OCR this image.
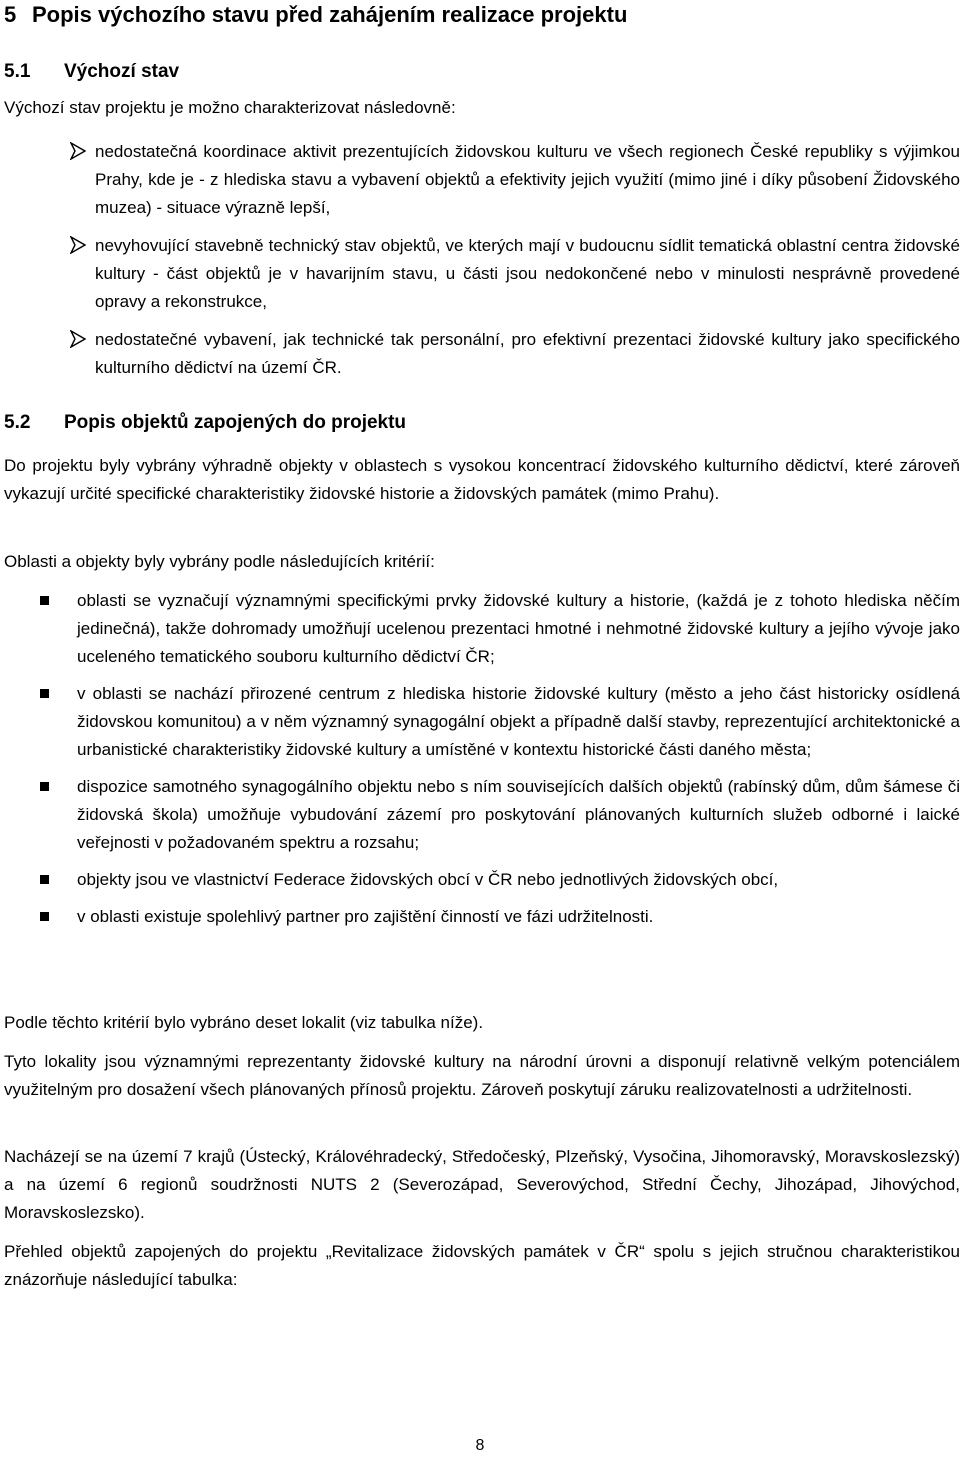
5 Popis výchozího stavu před zahájením realizace projektu
5.1 Výchozí stav

Výchozí stav projektu je možno charakterizovat následovně:

nedostatečná koordinace aktivit prezentujících židovskou kulturu ve všech regionech České republiky s výjimkou Prahy, kde je - z hlediska stavu a vybavení objektů a efektivity jejich využití (mimo jiné i díky působení Židovského muzea) - situace výrazně lepší,
nevyhovující stavebně technický stav objektů, ve kterých mají v budoucnu sídlit tematická oblastní centra židovské kultury - část objektů je v havarijním stavu, u části jsou nedokončené nebo v minulosti nesprávně provedené opravy a rekonstrukce,
nedostatečné vybavení, jak technické tak personální, pro efektivní prezentaci židovské kultury jako specifického kulturního dědictví na území ČR.
5.2 Popis objektů zapojených do projektu

Do projektu byly vybrány výhradně objekty v oblastech s vysokou koncentrací židovského kulturního dědictví, které zároveň vykazují určité specifické charakteristiky židovské historie a židovských památek (mimo Prahu).

Oblasti a objekty byly vybrány podle následujících kritérií:

oblasti se vyznačují významnými specifickými prvky židovské kultury a historie, (každá je z tohoto hlediska něčím jedinečná), takže dohromady umožňují ucelenou prezentaci hmotné i nehmotné židovské kultury a jejího vývoje jako uceleného tematického souboru kulturního dědictví ČR;
v oblasti se nachází přirozené centrum z hlediska historie židovské kultury (město a jeho část historicky osídlená židovskou komunitou) a v něm významný synagogální objekt a případně další stavby, reprezentující architektonické a urbanistické charakteristiky židovské kultury a umístěné v kontextu historické části daného města;
dispozice samotného synagogálního objektu nebo s ním souvisejících dalších objektů (rabínský dům, dům šámese či židovská škola) umožňuje vybudování zázemí pro poskytování plánovaných kulturních služeb odborné i laické veřejnosti v požadovaném spektru a rozsahu;
objekty jsou ve vlastnictví Federace židovských obcí v ČR nebo jednotlivých židovských obcí,
v oblasti existuje spolehlivý partner pro zajištění činností ve fázi udržitelnosti.

Podle těchto kritérií bylo vybráno deset lokalit (viz tabulka níže).

Tyto lokality jsou významnými reprezentanty židovské kultury na národní úrovni a disponují relativně velkým potenciálem využitelným pro dosažení všech plánovaných přínosů projektu. Zároveň poskytují záruku realizovatelnosti a udržitelnosti.

Nacházejí se na území 7 krajů (Ústecký, Královéhradecký, Středočeský, Plzeňský, Vysočina, Jihomoravský, Moravskoslezský) a na území 6 regionů soudržnosti NUTS 2 (Severozápad, Severovýchod, Střední Čechy, Jihozápad, Jihovýchod, Moravskoslezsko).

Přehled objektů zapojených do projektu „Revitalizace židovských památek v ČR“ spolu s jejich stručnou charakteristikou znázorňuje následující tabulka:

8
